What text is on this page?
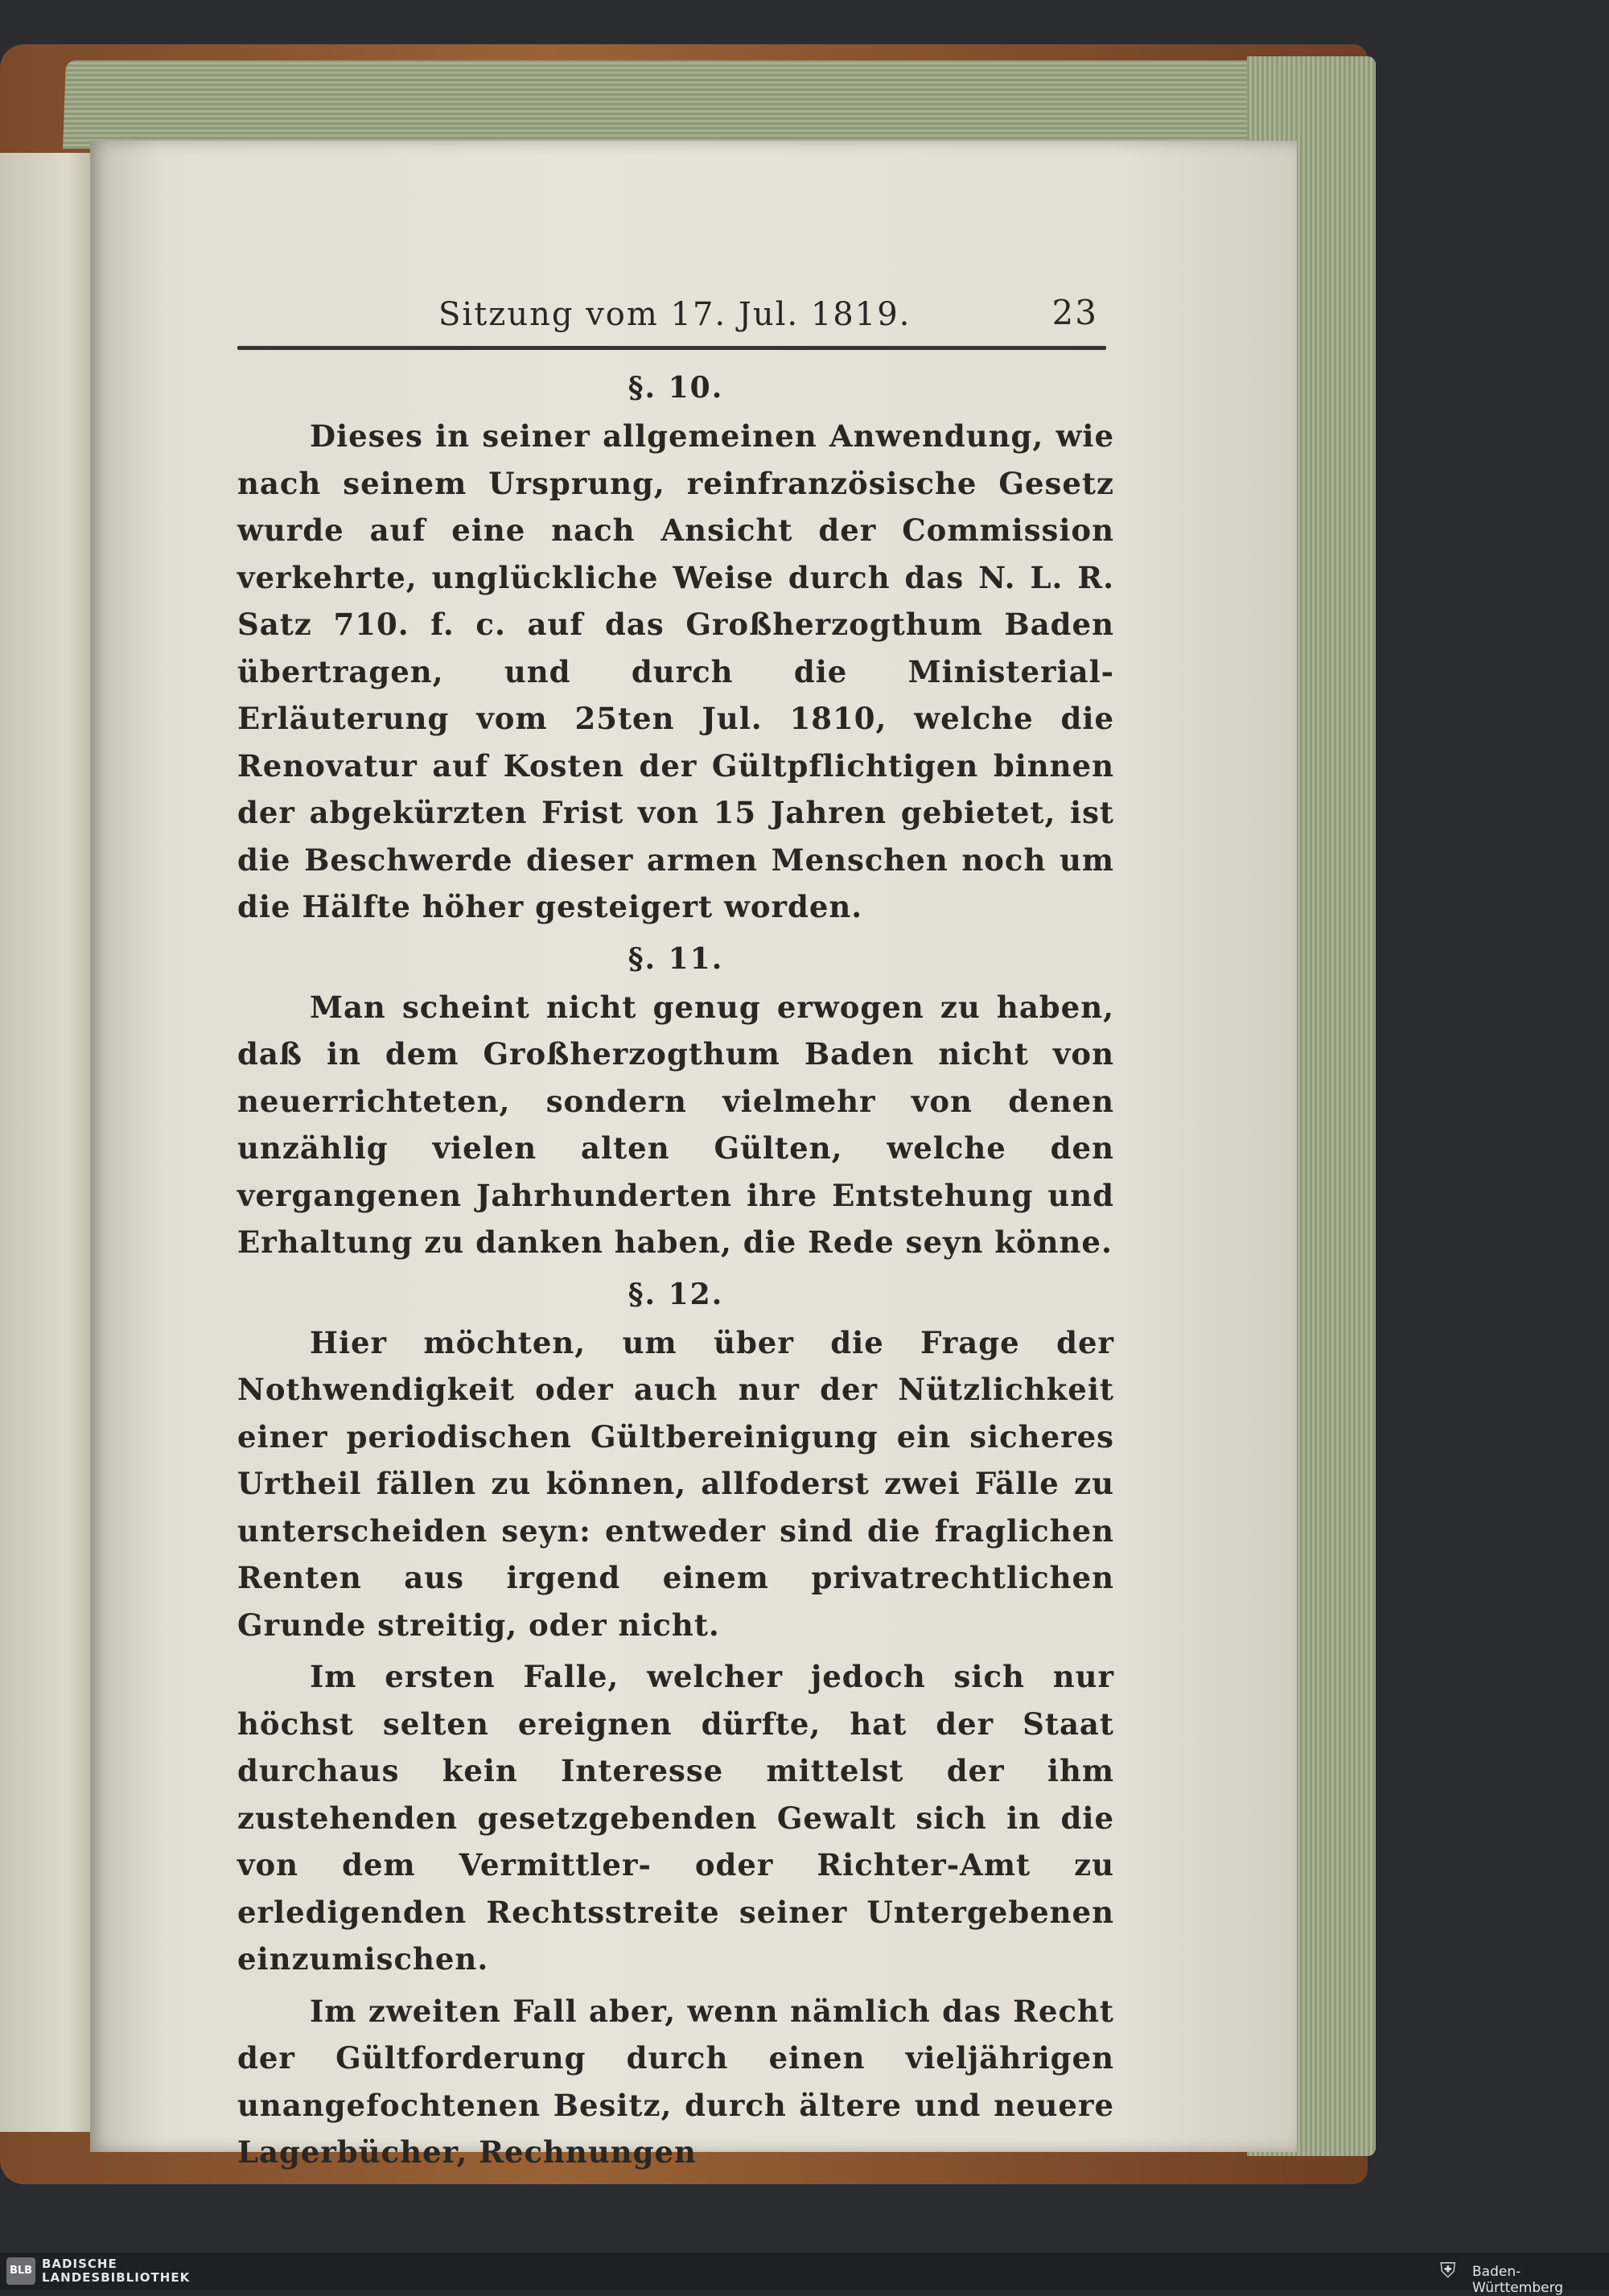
Sitzung vom 17. Jul. 1819.	23
§. 10.

Dieses in seiner allgemeinen Anwendung, wie nach seinem Ursprung, reinfranzösische Gesetz wurde auf eine nach Ansicht der Commission verkehrte, unglückliche Weise durch das N. L. R. Satz 710. f. c. auf das Großherzogthum Baden übertragen, und durch die Ministerial-Erläuterung vom 25ten Jul. 1810, welche die Renovatur auf Kosten der Gültpflichtigen binnen der abgekürzten Frist von 15 Jahren gebietet, ist die Beschwerde dieser armen Menschen noch um die Hälfte höher gesteigert worden.

§. 11.

Man scheint nicht genug erwogen zu haben, daß in dem Großherzogthum Baden nicht von neuerrichteten, sondern vielmehr von denen unzählig vielen alten Gülten, welche den vergangenen Jahrhunderten ihre Entstehung und Erhaltung zu danken haben, die Rede seyn könne.

§. 12.

Hier möchten, um über die Frage der Nothwendigkeit oder auch nur der Nützlichkeit einer periodischen Gültbereinigung ein sicheres Urtheil fällen zu können, allfoderst zwei Fälle zu unterscheiden seyn: entweder sind die fraglichen Renten aus irgend einem privatrechtlichen Grunde streitig, oder nicht.

Im ersten Falle, welcher jedoch sich nur höchst selten ereignen dürfte, hat der Staat durchaus kein Interesse mittelst der ihm zustehenden gesetzgebenden Gewalt sich in die von dem Vermittler- oder Richter-Amt zu erledigenden Rechtsstreite seiner Untergebenen einzumischen.

Im zweiten Fall aber, wenn nämlich das Recht der Gültforderung durch einen vieljährigen unangefochtenen Besitz, durch ältere und neuere Lagerbücher, Rechnungen

BLB BADISCHE
LANDESBIBLIOTHEK	⛨	Baden-Württemberg
